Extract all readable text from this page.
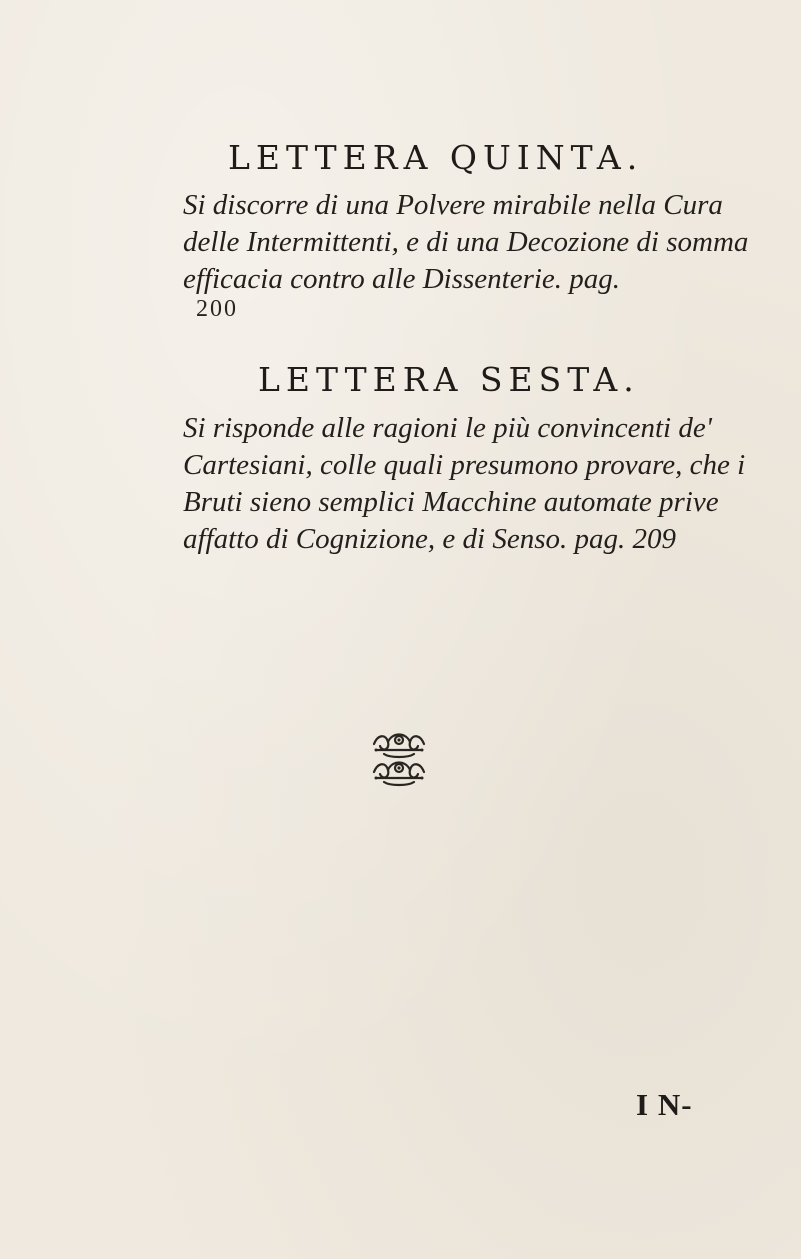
LETTERA QUINTA.

Si discorre di una Polvere mirabile nella Cura delle Intermittenti, e di una Decozione di somma efficacia contro alle Dissenterie. pag.

200
LETTERA SESTA.

Si risponde alle ragioni le più convincenti de' Cartesiani, colle quali presumono provare, che i Bruti sieno semplici Macchine automate prive affatto di Cognizione, e di Senso. pag. 209

I N-
